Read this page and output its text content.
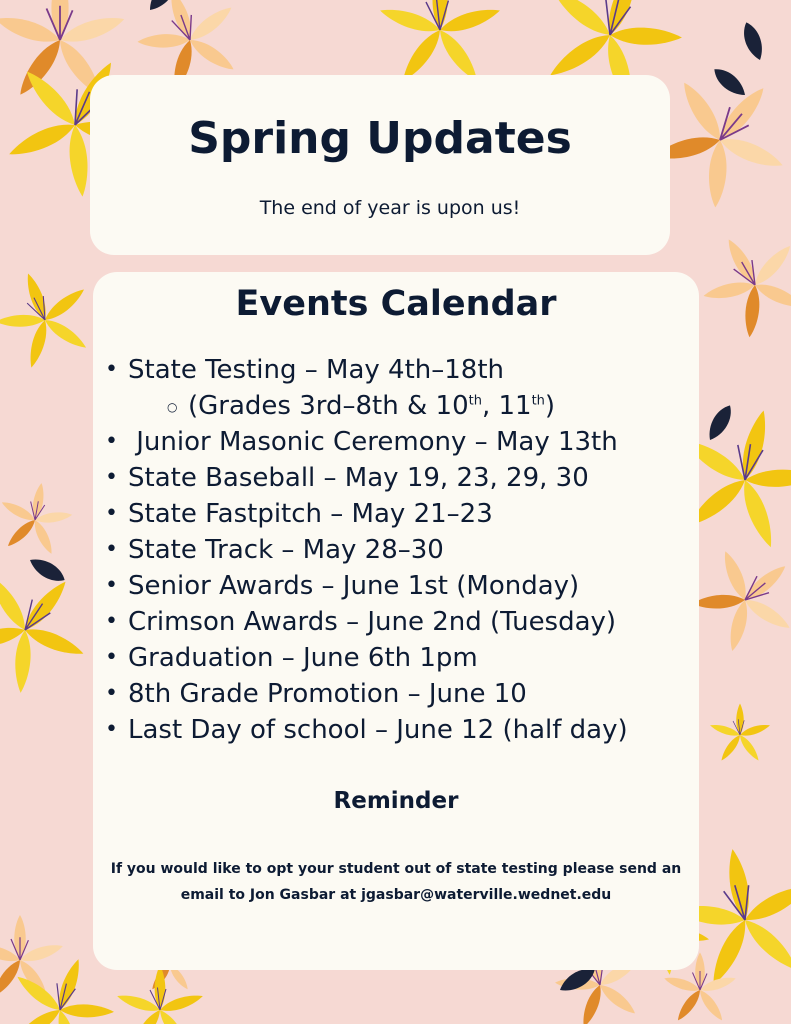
Spring Updates

The end of year is upon us!

Events Calendar
• State Testing – May 4th–18th
○ (Grades 3rd–8th & 10th, 11th)
• Junior Masonic Ceremony – May 13th
• State Baseball – May 19, 23, 29, 30
• State Fastpitch – May 21–23
• State Track – May 28–30
• Senior Awards – June 1st (Monday)
• Crimson Awards – June 2nd (Tuesday)
• Graduation – June 6th 1pm
• 8th Grade Promotion – June 10
• Last Day of school – June 12 (half day)
Reminder

If you would like to opt your student out of state testing please send an
email to Jon Gasbar at jgasbar@waterville.wednet.edu
